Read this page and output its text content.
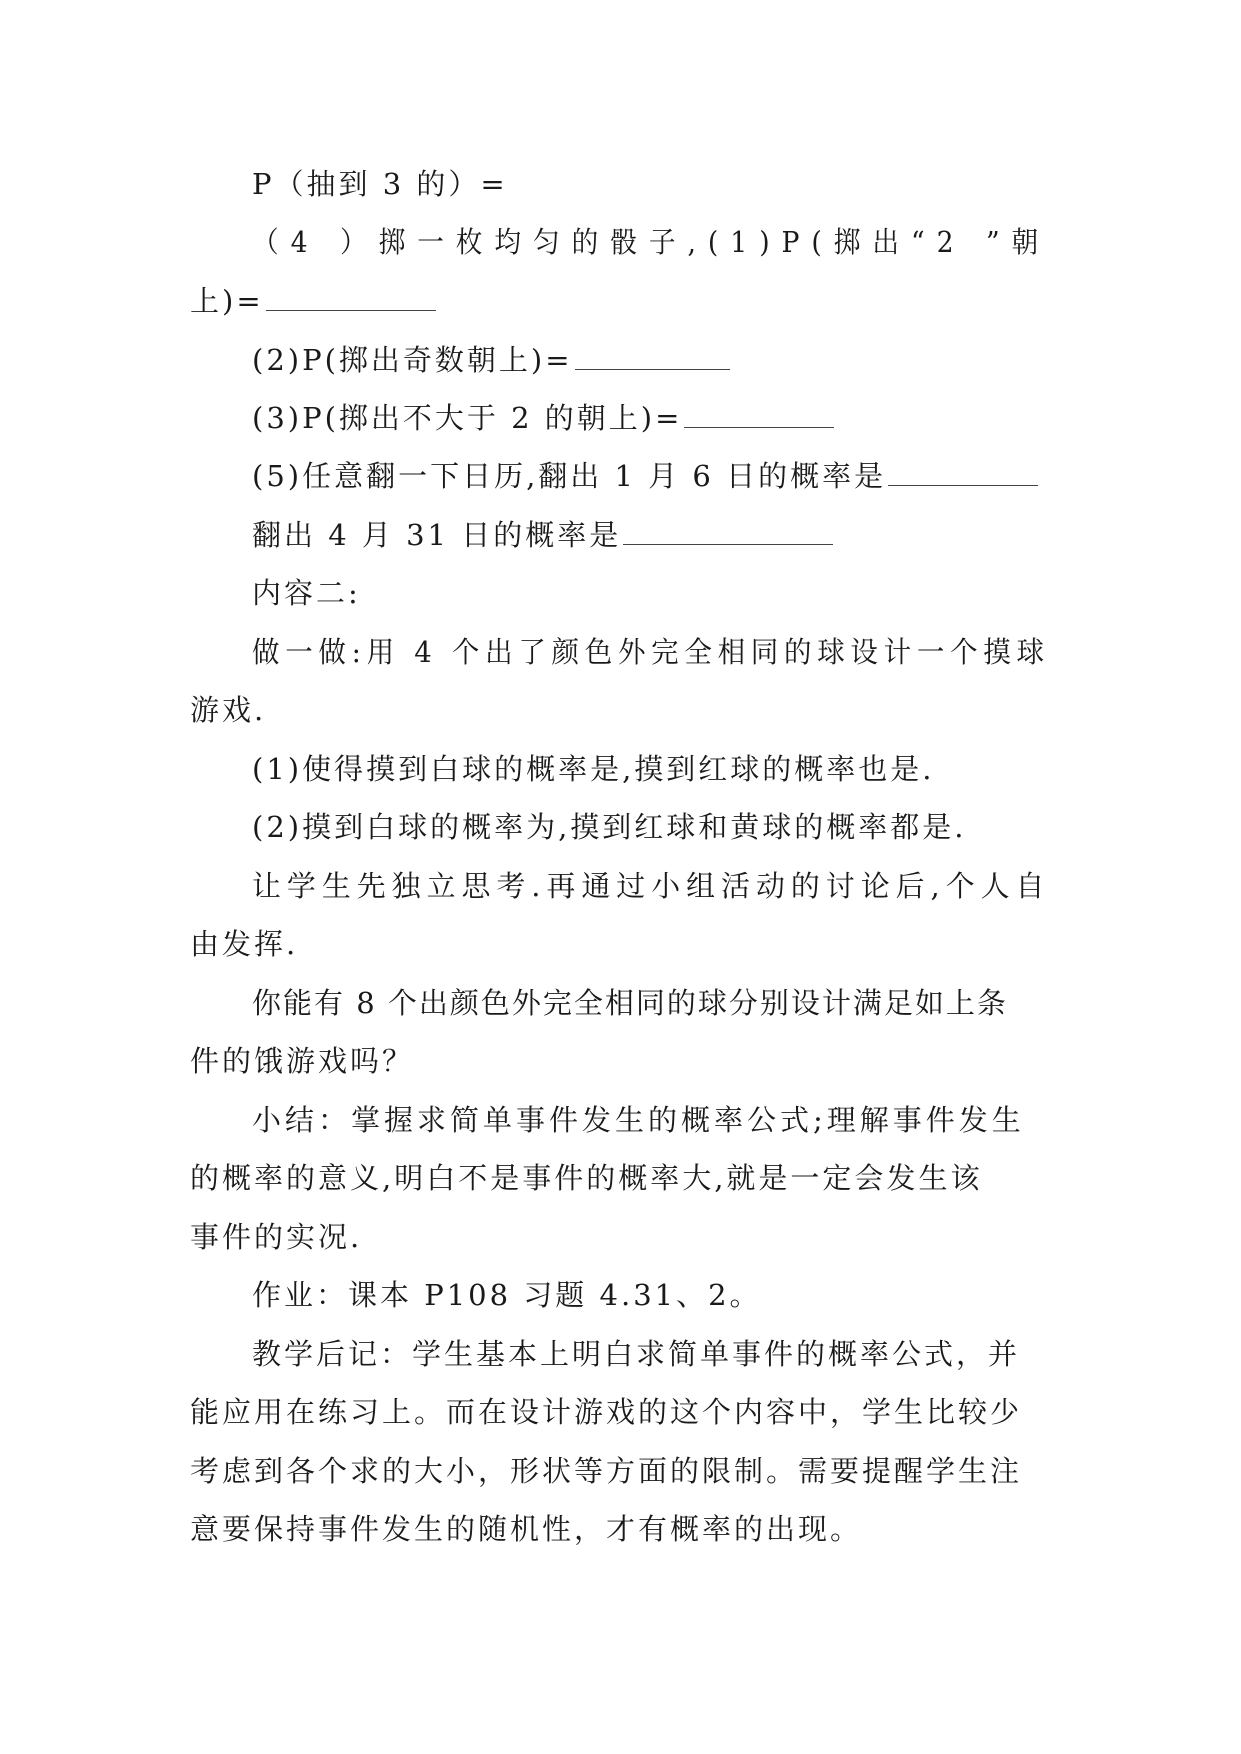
P（抽到 3 的）=
（4 ）掷一枚均匀的骰子,(1)P(掷出“2 ”朝
上)=
(2)P(掷出奇数朝上)=
(3)P(掷出不大于 2 的朝上)=
(5)任意翻一下日历,翻出 1 月 6 日的概率是
翻出 4 月 31 日的概率是
内容二:
做一做:用 4 个出了颜色外完全相同的球设计一个摸球
游戏.
(1)使得摸到白球的概率是,摸到红球的概率也是.
(2)摸到白球的概率为,摸到红球和黄球的概率都是.
让学生先独立思考.再通过小组活动的讨论后,个人自
由发挥.
你能有 8 个出颜色外完全相同的球分别设计满足如上条
件的饿游戏吗？
小结：掌握求简单事件发生的概率公式;理解事件发生
的概率的意义,明白不是事件的概率大,就是一定会发生该
事件的实况.
作业：课本 P108 习题 4.31、2。
教学后记：学生基本上明白求简单事件的概率公式，并
能应用在练习上。而在设计游戏的这个内容中，学生比较少
考虑到各个求的大小，形状等方面的限制。需要提醒学生注
意要保持事件发生的随机性，才有概率的出现。
